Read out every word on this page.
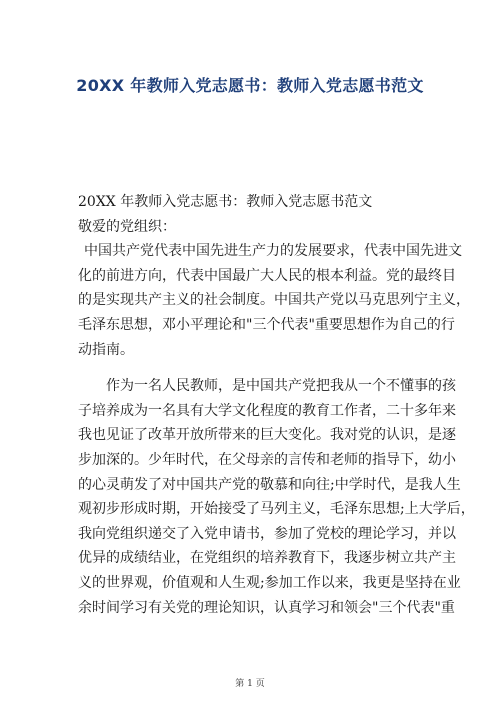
20XX 年教师入党志愿书：教师入党志愿书范文
20XX 年教师入党志愿书：教师入党志愿书范文
敬爱的党组织：
中国共产党代表中国先进生产力的发展要求，代表中国先进文
化的前进方向，代表中国最广大人民的根本利益。党的最终目
的是实现共产主义的社会制度。中国共产党以马克思列宁主义，
毛泽东思想，邓小平理论和"三个代表"重要思想作为自己的行
动指南。
作为一名人民教师，是中国共产党把我从一个不懂事的孩
子培养成为一名具有大学文化程度的教育工作者，二十多年来
我也见证了改革开放所带来的巨大变化。我对党的认识，是逐
步加深的。少年时代，在父母亲的言传和老师的指导下，幼小
的心灵萌发了对中国共产党的敬慕和向往;中学时代，是我人生
观初步形成时期，开始接受了马列主义，毛泽东思想;上大学后，
我向党组织递交了入党申请书，参加了党校的理论学习，并以
优异的成绩结业，在党组织的培养教育下，我逐步树立共产主
义的世界观，价值观和人生观;参加工作以来，我更是坚持在业
余时间学习有关党的理论知识，认真学习和领会"三个代表"重
第 1 页
